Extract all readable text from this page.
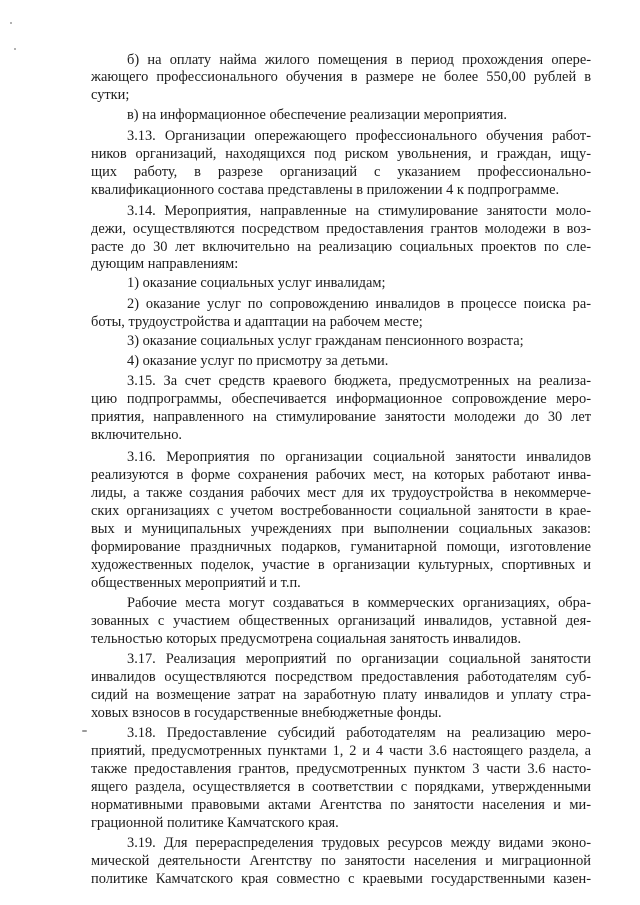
б) на оплату найма жилого помещения в период прохождения опере-
жающего профессионального обучения в размере не более 550,00 рублей в
сутки;
в) на информационное обеспечение реализации мероприятия.
3.13. Организации опережающего профессионального обучения работ-
ников организаций, находящихся под риском увольнения, и граждан, ищу-
щих работу, в разрезе организаций с указанием профессионально-
квалификационного состава представлены в приложении 4 к подпрограмме.
3.14. Мероприятия, направленные на стимулирование занятости моло-
дежи, осуществляются посредством предоставления грантов молодежи в воз-
расте до 30 лет включительно на реализацию социальных проектов по сле-
дующим направлениям:
1) оказание социальных услуг инвалидам;
2) оказание услуг по сопровождению инвалидов в процессе поиска ра-
боты, трудоустройства и адаптации на рабочем месте;
3) оказание социальных услуг гражданам пенсионного возраста;
4) оказание услуг по присмотру за детьми.
3.15. За счет средств краевого бюджета, предусмотренных на реализа-
цию подпрограммы, обеспечивается информационное сопровождение меро-
приятия, направленного на стимулирование занятости молодежи до 30 лет
включительно.
3.16. Мероприятия по организации социальной занятости инвалидов
реализуются в форме сохранения рабочих мест, на которых работают инва-
лиды, а также создания рабочих мест для их трудоустройства в некоммерче-
ских организациях с учетом востребованности социальной занятости в крае-
вых и муниципальных учреждениях при выполнении социальных заказов:
формирование праздничных подарков, гуманитарной помощи, изготовление
художественных поделок, участие в организации культурных, спортивных и
общественных мероприятий и т.п.
Рабочие места могут создаваться в коммерческих организациях, обра-
зованных с участием общественных организаций инвалидов, уставной дея-
тельностью которых предусмотрена социальная занятость инвалидов.
3.17. Реализация мероприятий по организации социальной занятости
инвалидов осуществляются посредством предоставления работодателям суб-
сидий на возмещение затрат на заработную плату инвалидов и уплату стра-
ховых взносов в государственные внебюджетные фонды.
3.18. Предоставление субсидий работодателям на реализацию меро-
приятий, предусмотренных пунктами 1, 2 и 4 части 3.6 настоящего раздела, а
также предоставления грантов, предусмотренных пунктом 3 части 3.6 насто-
ящего раздела, осуществляется в соответствии с порядками, утвержденными
нормативными правовыми актами Агентства по занятости населения и ми-
грационной политике Камчатского края.
3.19. Для перераспределения трудовых ресурсов между видами эконо-
мической деятельности Агентству по занятости населения и миграционной
политике Камчатского края совместно с краевыми государственными казен-
